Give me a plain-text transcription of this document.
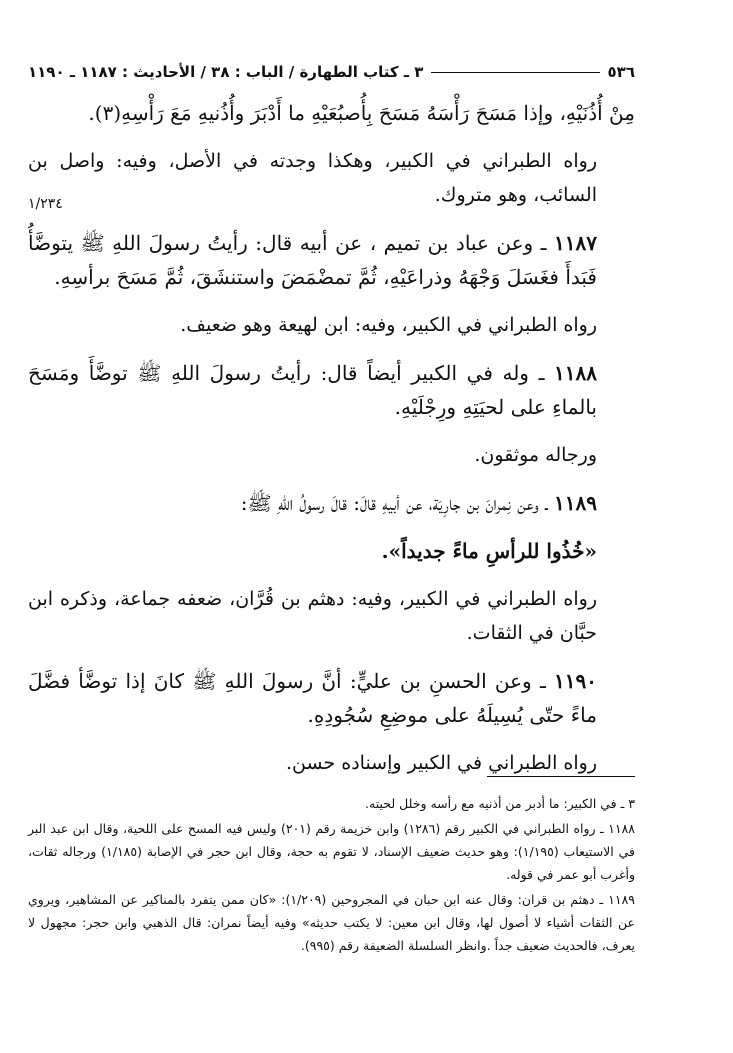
٥٣٦
٣ ـ كتاب الطهارة / الباب : ٣٨ / الأحاديث : ١١٨٧ ـ ١١٩٠
١/٢٣٤

مِنْ أُذُنَيْهِ، وإذا مَسَحَ رَأْسَهُ مَسَحَ بِأُصبُعَيْهِ ما أَدْبَرَ وأُذُنيهِ مَعَ رَأْسِهِ(٣).

رواه الطبراني في الكبير، وهكذا وجدته في الأصل، وفيه: واصل بن السائب، وهو متروك.

١١٨٧ ـ وعن عباد بن تميم ، عن أبيه قال: رأيتُ رسولَ اللهِ ﷺ يتوضَّأُ فَبَدأَ فغَسَلَ وَجْهَهُ وذراعَيْهِ، ثُمَّ تمضْمَضَ واستنشَقَ، ثُمَّ مَسَحَ برأسِهِ.

رواه الطبراني في الكبير، وفيه: ابن لهيعة وهو ضعيف.

١١٨٨ ـ وله في الكبير أيضاً قال: رأيتُ رسولَ اللهِ ﷺ توضَّأَ ومَسَحَ بالماءِ على لحيَتِهِ ورِجْلَيْهِ.

ورجاله موثقون.

١١٨٩ ـ وعن نِمرانَ بن جارِيَة، عن أبيهِ قالَ: قالَ رسولُ اللهِ ﷺ:

«خُذُوا للرأسِ ماءً جديداً».

رواه الطبراني في الكبير، وفيه: دهثم بن قُرَّان، ضعفه جماعة، وذكره ابن حبَّان في الثقات.

١١٩٠ ـ وعن الحسنِ بن عليٍّ: أنَّ رسولَ اللهِ ﷺ كانَ إذا توضَّأ فضَّلَ ماءً حتّى يُسِيلَهُ على موضِعِ سُجُودِهِ.

رواه الطبراني في الكبير وإسناده حسن.

٣ ـ في الكبير: ما أدبر من أذنيه مع رأسه وخلل لحيته.

١١٨٨ ـ رواه الطبراني في الكبير رقم (١٢٨٦) وابن خزيمة رقم (٢٠١) وليس فيه المسح على اللحية، وقال ابن عبد البر في الاستيعاب (١/١٩٥): وهو حديث ضعيف الإسناد، لا تقوم به حجة، وقال ابن حجر في الإصابة (١/١٨٥) ورجاله ثقات، وأغرب أبو عمر في قوله.

١١٨٩ ـ دهثم بن قران: وقال عنه ابن حبان في المجروحين (١/٢٠٩): «كان ممن يتفرد بالمناكير عن المشاهير، ويروي عن الثقات أشياء لا أصول لها، وقال ابن معين: لا يكتب حديثه» وفيه أيضاً نمران: قال الذهبي وابن حجر: مجهول لا يعرف، فالحديث ضعيف جداً .وانظر السلسلة الضعيفة رقم (٩٩٥).
